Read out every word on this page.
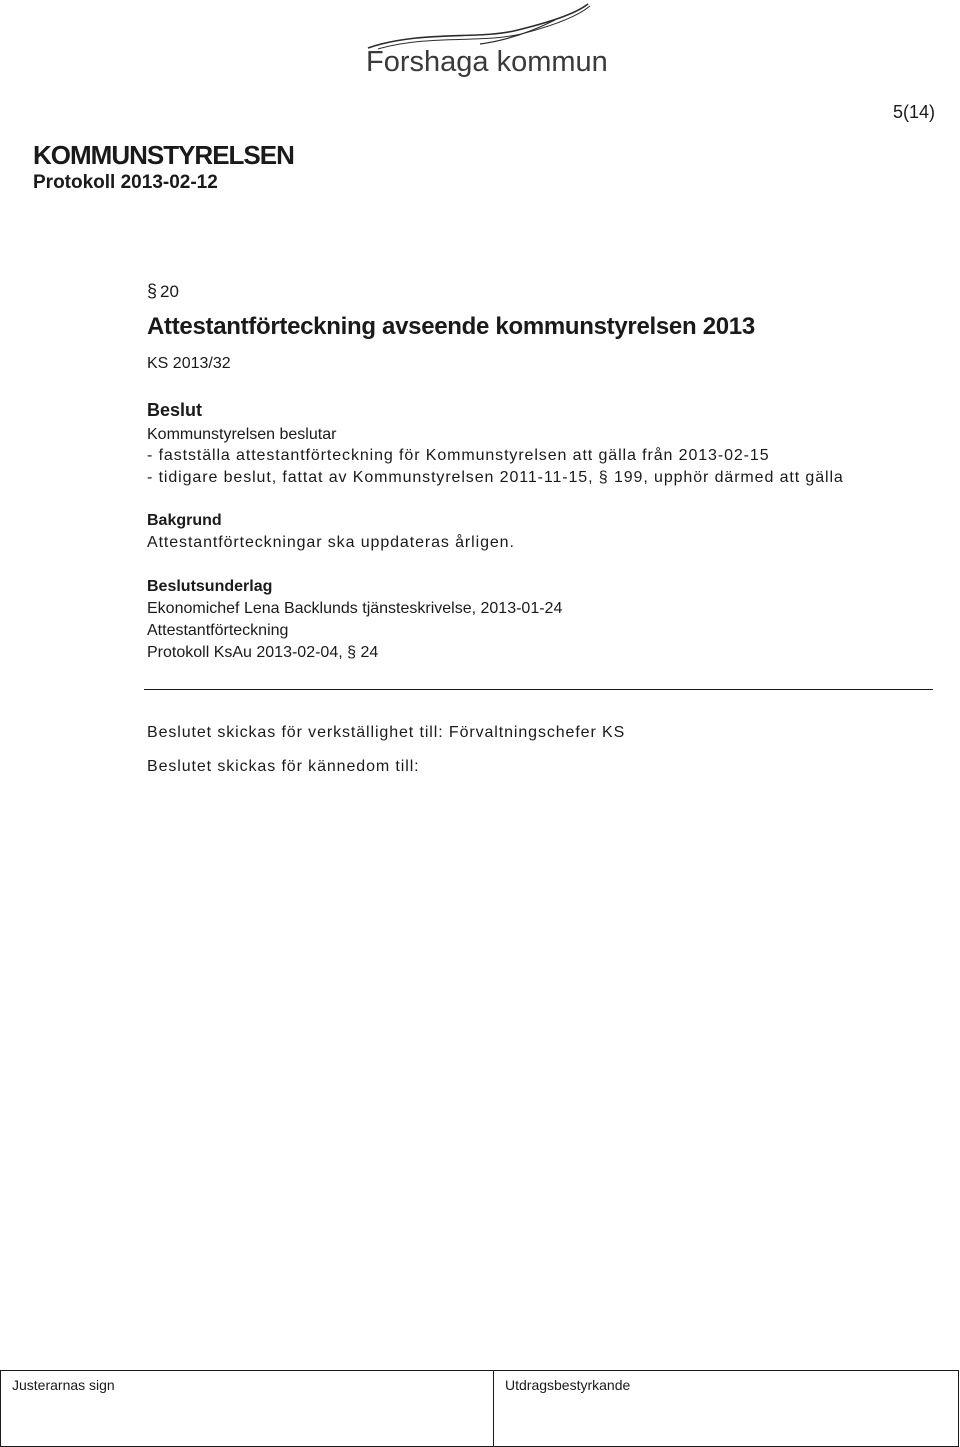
Forshaga kommun
5(14)
KOMMUNSTYRELSEN
Protokoll 2013-02-12
§ 20
Attestantförteckning avseende kommunstyrelsen 2013
KS 2013/32
Beslut
Kommunstyrelsen beslutar
- fastställa attestantförteckning för Kommunstyrelsen att gälla från 2013-02-15
- tidigare beslut, fattat av Kommunstyrelsen 2011-11-15, § 199, upphör därmed att gälla
Bakgrund
Attestantförteckningar ska uppdateras årligen.
Beslutsunderlag
Ekonomichef Lena Backlunds tjänsteskrivelse, 2013-01-24
Attestantförteckning
Protokoll KsAu 2013-02-04, § 24
Beslutet skickas för verkställighet till: Förvaltningschefer KS
Beslutet skickas för kännedom till:
Justerarnas sign	Utdragsbestyrkande
